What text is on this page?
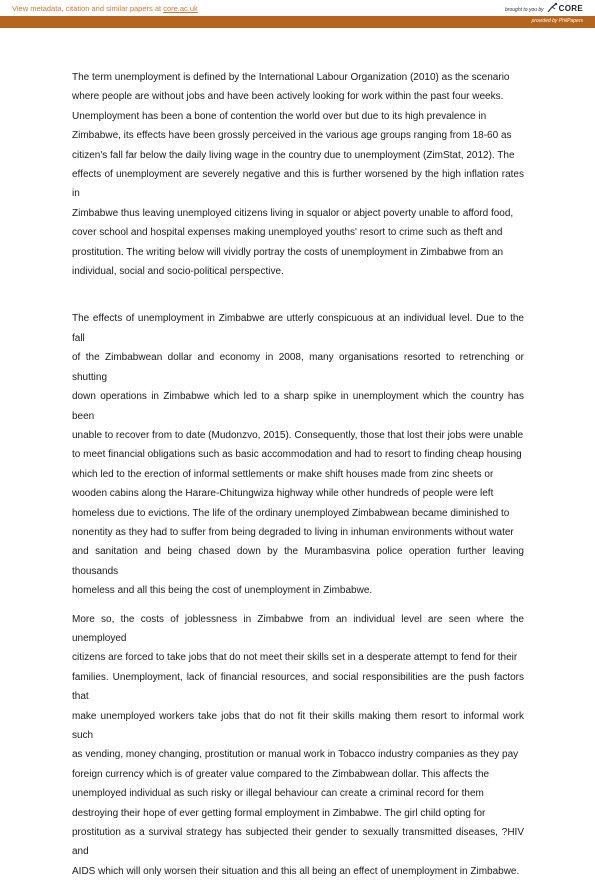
View metadata, citation and similar papers at core.ac.uk	brought to you by CORE
provided by PhilPapers

The term unemployment is defined by the International Labour Organization (2010) as the scenario
where people are without jobs and have been actively looking for work within the past four weeks.
Unemployment has been a bone of contention the world over but due to its high prevalence in
Zimbabwe, its effects have been grossly perceived in the various age groups ranging from 18-60 as
citizen's fall far below the daily living wage in the country due to unemployment (ZimStat, 2012). The
effects of unemployment are severely negative and this is further worsened by the high inflation rates in
Zimbabwe thus leaving unemployed citizens living in squalor or abject poverty unable to afford food,
cover school and hospital expenses making unemployed youths' resort to crime such as theft and
prostitution. The writing below will vividly portray the costs of unemployment in Zimbabwe from an
individual, social and socio-political perspective.

The effects of unemployment in Zimbabwe are utterly conspicuous at an individual level. Due to the fall
of the Zimbabwean dollar and economy in 2008, many organisations resorted to retrenching or shutting
down operations in Zimbabwe which led to a sharp spike in unemployment which the country has been
unable to recover from to date (Mudonzvo, 2015). Consequently, those that lost their jobs were unable
to meet financial obligations such as basic accommodation and had to resort to finding cheap housing
which led to the erection of informal settlements or make shift houses made from zinc sheets or
wooden cabins along the Harare-Chitungwiza highway while other hundreds of people were left
homeless due to evictions. The life of the ordinary unemployed Zimbabwean became diminished to
nonentity as they had to suffer from being degraded to living in inhuman environments without water
and sanitation and being chased down by the Murambasvina police operation further leaving thousands
homeless and all this being the cost of unemployment in Zimbabwe.

More so, the costs of joblessness in Zimbabwe from an individual level are seen where the unemployed
citizens are forced to take jobs that do not meet their skills set in a desperate attempt to fend for their
families. Unemployment, lack of financial resources, and social responsibilities are the push factors that
make unemployed workers take jobs that do not fit their skills making them resort to informal work such
as vending, money changing, prostitution or manual work in Tobacco industry companies as they pay
foreign currency which is of greater value compared to the Zimbabwean dollar. This affects the
unemployed individual as such risky or illegal behaviour can create a criminal record for them
destroying their hope of ever getting formal employment in Zimbabwe. The girl child opting for
prostitution as a survival strategy has subjected their gender to sexually transmitted diseases, ?HIV and
AIDS which will only worsen their situation and this all being an effect of unemployment in Zimbabwe.
